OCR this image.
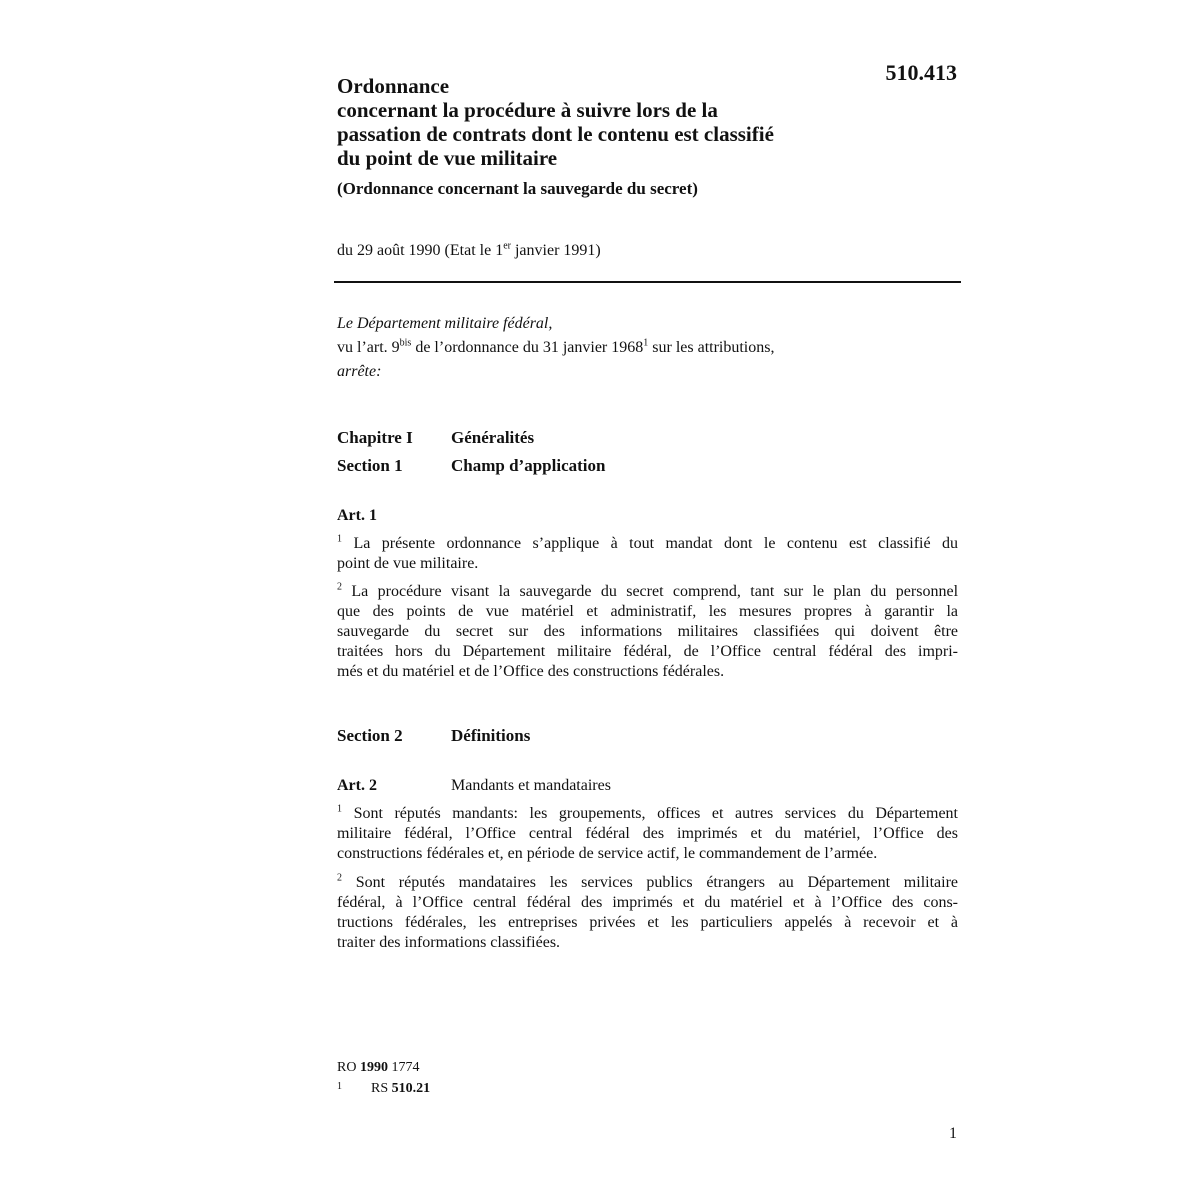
510.413
Ordonnance
concernant la procédure à suivre lors de la
passation de contrats dont le contenu est classifié
du point de vue militaire
(Ordonnance concernant la sauvegarde du secret)
du 29 août 1990 (Etat le 1er janvier 1991)
Le Département militaire fédéral,
vu l’art. $9^{bis}$ de l’ordonnance du 31 janvier 1968$^1$ sur les attributions,
arrête:
Chapitre I Généralités
Section 1	Champ d’application
Art. 1
$^1$ La présente ordonnance s’applique à tout mandat dont le contenu est classifié du
point de vue militaire.
$^2$ La procédure visant la sauvegarde du secret comprend, tant sur le plan du personnel
que des points de vue matériel et administratif, les mesures propres à garantir la
sauvegarde du secret sur des informations militaires classifiées qui doivent être
traitées hors du Département militaire fédéral, de l’Office central fédéral des impri-
més et du matériel et de l’Office des constructions fédérales.
Section 2	Définitions
Art. 2	Mandants et mandataires
$^1$ Sont réputés mandants: les groupements, offices et autres services du Département
militaire fédéral, l’Office central fédéral des imprimés et du matériel, l’Office des
constructions fédérales et, en période de service actif, le commandement de l’armée.
$^2$ Sont réputés mandataires les services publics étrangers au Département militaire
fédéral, à l’Office central fédéral des imprimés et du matériel et à l’Office des cons-
tructions fédérales, les entreprises privées et les particuliers appelés à recevoir et à
traiter des informations classifiées.
RO 1990 1774
1 RS 510.21
1
